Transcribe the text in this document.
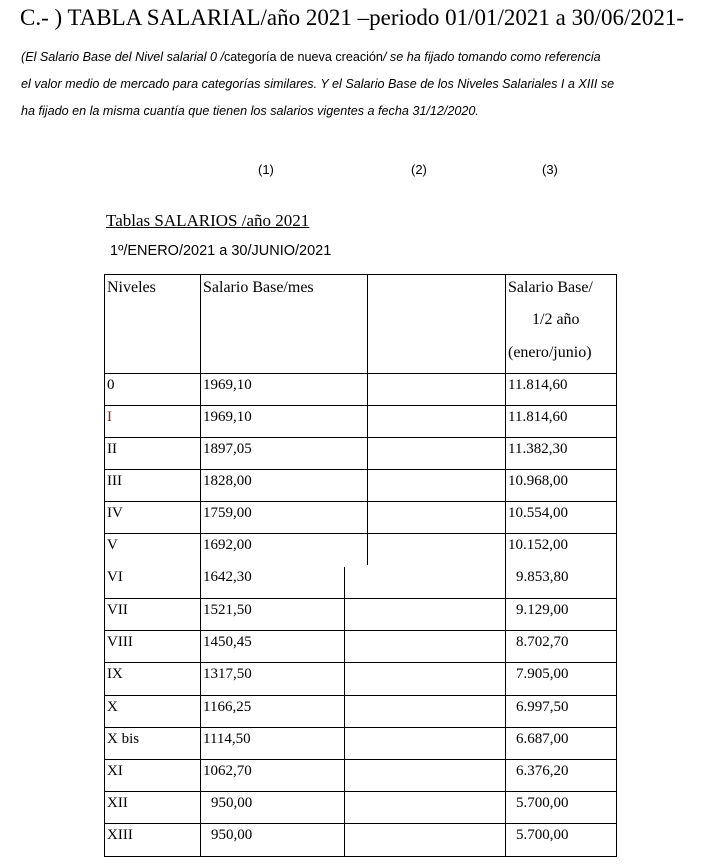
C.- ) TABLA SALARIAL/año 2021 –periodo 01/01/2021 a 30/06/2021-
(El Salario Base del Nivel salarial 0 /categoría de nueva creación/ se ha fijado tomando como referencia
el valor medio de mercado para categorías similares. Y el Salario Base de los Niveles Salariales I a XIII se
ha fijado en la misma cuantía que tienen los salarios vigentes a fecha 31/12/2020.
(1)	(2)	(3)
Tablas SALARIOS /año 2021
1º/ENERO/2021 a 30/JUNIO/2021
Niveles	Salario Base/mes	Salario Base/
1/2 año
(enero/junio)
0	1969,10	11.814,60
I	1969,10	11.814,60
II	1897,05	11.382,30
III	1828,00	10.968,00
IV	1759,00	10.554,00
V	1692,00	10.152,00
VI	1642,30	9.853,80
VII	1521,50	9.129,00
VIII	1450,45	8.702,70
IX	1317,50	7.905,00
X	1166,25	6.997,50
X bis	1114,50	6.687,00
XI	1062,70	6.376,20
XII	950,00	5.700,00
XIII	950,00	5.700,00
